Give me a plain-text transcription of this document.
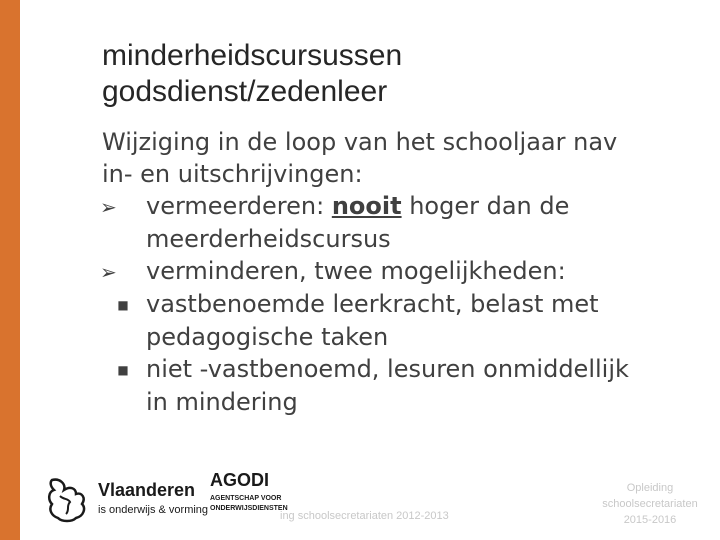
minderheidscursussen
godsdienst/zedenleer
Wijziging in de loop van het schooljaar nav
in- en uitschrijvingen:
➢ vermeerderen: nooit hoger dan de
meerderheidscursus
➢ verminderen, twee mogelijkheden:
■ vastbenoemde leerkracht, belast met
pedagogische taken
■ niet -vastbenoemd, lesuren onmiddellijk
in mindering
Vlaanderen
is onderwijs & vorming
AGODI
AGENTSCHAP VOOR ONDERWIJSDIENSTEN
ing schoolsecretariaten 2012-2013
Opleiding
schoolsecretariaten
2015-2016
